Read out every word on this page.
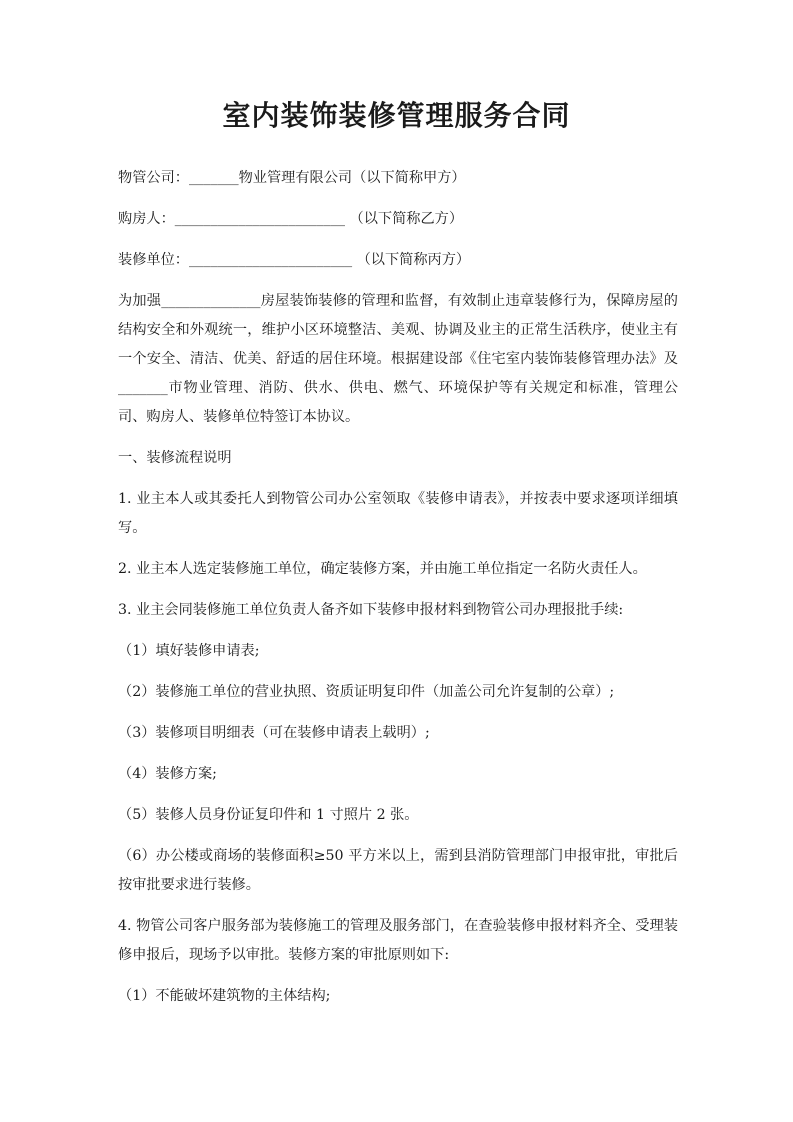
室内装饰装修管理服务合同

物管公司：_______物业管理有限公司（以下简称甲方）

购房人：________________________ （以下简称乙方）

装修单位：_______________________ （以下简称丙方）

为加强______________房屋装饰装修的管理和监督，有效制止违章装修行为，保障房屋的结构安全和外观统一，维护小区环境整洁、美观、协调及业主的正常生活秩序，使业主有一个安全、清洁、优美、舒适的居住环境。根据建设部《住宅室内装饰装修管理办法》及_______市物业管理、消防、供水、供电、燃气、环境保护等有关规定和标准，管理公司、购房人、装修单位特签订本协议。

一、装修流程说明

1. 业主本人或其委托人到物管公司办公室领取《装修申请表》，并按表中要求逐项详细填写。

2. 业主本人选定装修施工单位，确定装修方案，并由施工单位指定一名防火责任人。

3. 业主会同装修施工单位负责人备齐如下装修申报材料到物管公司办理报批手续:

（1）填好装修申请表;

（2）装修施工单位的营业执照、资质证明复印件（加盖公司允许复制的公章）;

（3）装修项目明细表（可在装修申请表上载明）;

（4）装修方案;

（5）装修人员身份证复印件和 1 寸照片 2 张。

（6）办公楼或商场的装修面积≥50 平方米以上，需到县消防管理部门申报审批，审批后按审批要求进行装修。

4. 物管公司客户服务部为装修施工的管理及服务部门，在查验装修申报材料齐全、受理装修申报后，现场予以审批。装修方案的审批原则如下:

（1）不能破坏建筑物的主体结构;
